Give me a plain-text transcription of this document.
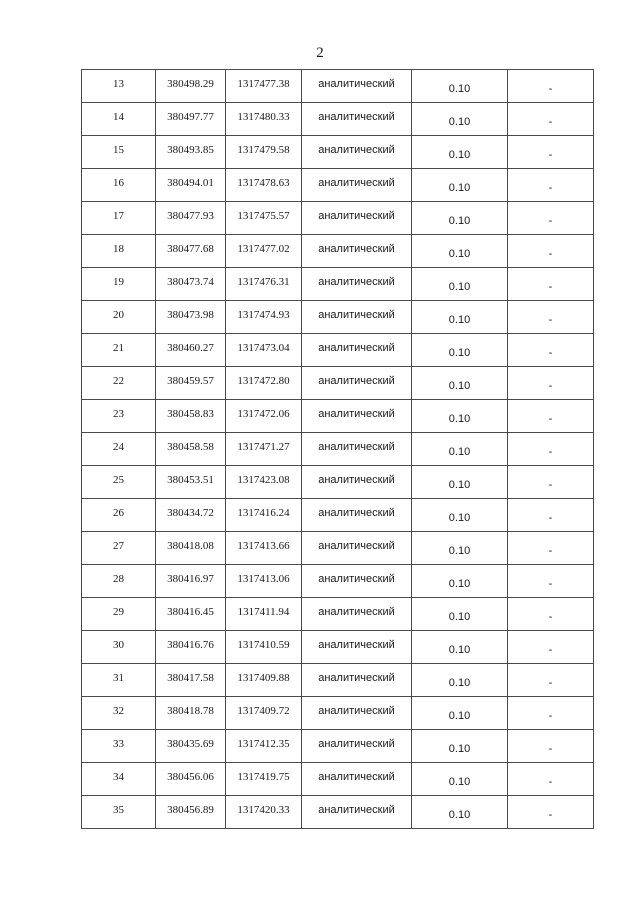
2
13	380498.29	1317477.38	аналитический	0.10	-
14	380497.77	1317480.33	аналитический	0.10	-
15	380493.85	1317479.58	аналитический	0.10	-
16	380494.01	1317478.63	аналитический	0.10	-
17	380477.93	1317475.57	аналитический	0.10	-
18	380477.68	1317477.02	аналитический	0.10	-
19	380473.74	1317476.31	аналитический	0.10	-
20	380473.98	1317474.93	аналитический	0.10	-
21	380460.27	1317473.04	аналитический	0.10	-
22	380459.57	1317472.80	аналитический	0.10	-
23	380458.83	1317472.06	аналитический	0.10	-
24	380458.58	1317471.27	аналитический	0.10	-
25	380453.51	1317423.08	аналитический	0.10	-
26	380434.72	1317416.24	аналитический	0.10	-
27	380418.08	1317413.66	аналитический	0.10	-
28	380416.97	1317413.06	аналитический	0.10	-
29	380416.45	1317411.94	аналитический	0.10	-
30	380416.76	1317410.59	аналитический	0.10	-
31	380417.58	1317409.88	аналитический	0.10	-
32	380418.78	1317409.72	аналитический	0.10	-
33	380435.69	1317412.35	аналитический	0.10	-
34	380456.06	1317419.75	аналитический	0.10	-
35	380456.89	1317420.33	аналитический	0.10	-
